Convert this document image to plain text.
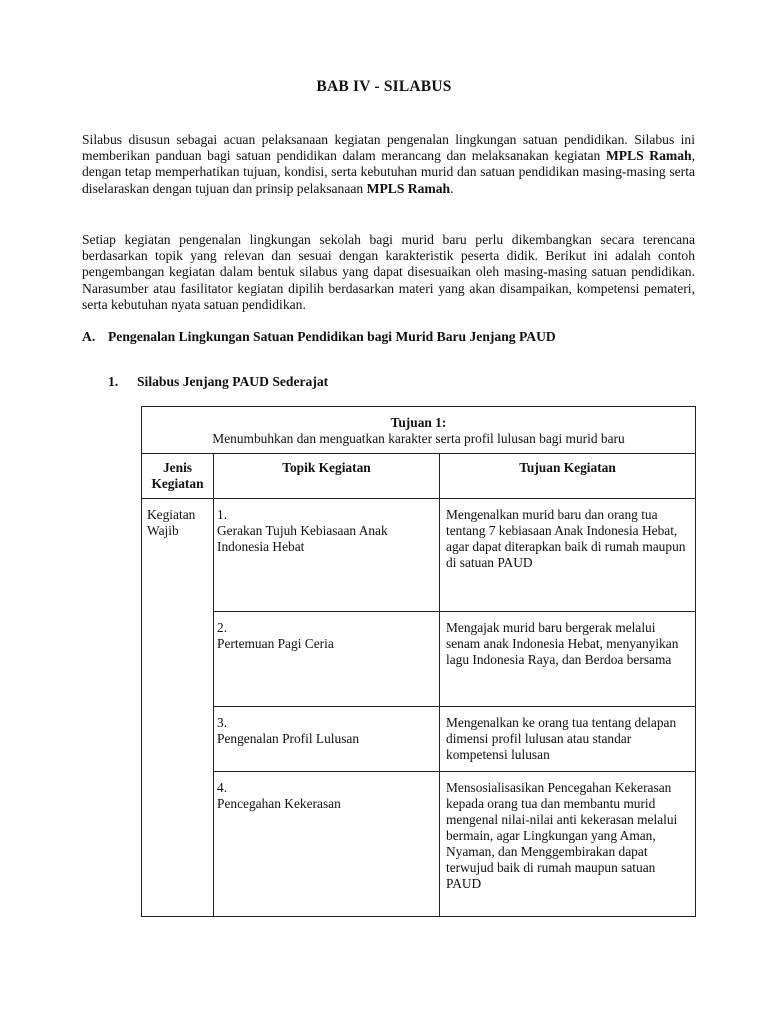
BAB IV - SILABUS

Silabus disusun sebagai acuan pelaksanaan kegiatan pengenalan lingkungan satuan pendidikan. Silabus ini memberikan panduan bagi satuan pendidikan dalam merancang dan melaksanakan kegiatan MPLS Ramah, dengan tetap memperhatikan tujuan, kondisi, serta kebutuhan murid dan satuan pendidikan masing-masing serta diselaraskan dengan tujuan dan prinsip pelaksanaan MPLS Ramah.

Setiap kegiatan pengenalan lingkungan sekolah bagi murid baru perlu dikembangkan secara terencana berdasarkan topik yang relevan dan sesuai dengan karakteristik peserta didik. Berikut ini adalah contoh pengembangan kegiatan dalam bentuk silabus yang dapat disesuaikan oleh masing-masing satuan pendidikan. Narasumber atau fasilitator kegiatan dipilih berdasarkan materi yang akan disampaikan, kompetensi pemateri, serta kebutuhan nyata satuan pendidikan.

A. Pengenalan Lingkungan Satuan Pendidikan bagi Murid Baru Jenjang PAUD
1. Silabus Jenjang PAUD Sederajat
Tujuan 1:
Menumbuhkan dan menguatkan karakter serta profil lulusan bagi murid baru		

Jenis Kegiatan	Topik Kegiatan	Tujuan Kegiatan
Kegiatan Wajib	1.Gerakan Tujuh Kebiasaan Anak Indonesia Hebat	Mengenalkan murid baru dan orang tua tentang 7 kebiasaan Anak Indonesia Hebat, agar dapat diterapkan baik di rumah maupun di satuan PAUD
	2.Pertemuan Pagi Ceria	Mengajak murid baru bergerak melalui senam anak Indonesia Hebat, menyanyikan lagu Indonesia Raya, dan Berdoa bersama
	3.Pengenalan Profil Lulusan	Mengenalkan ke orang tua tentang delapan dimensi profil lulusan atau standar kompetensi lulusan
	4.Pencegahan Kekerasan	Mensosialisasikan Pencegahan Kekerasan kepada orang tua dan membantu murid mengenal nilai-nilai anti kekerasan melalui bermain, agar Lingkungan yang Aman, Nyaman, dan Menggembirakan dapat terwujud baik di rumah maupun satuan PAUD
